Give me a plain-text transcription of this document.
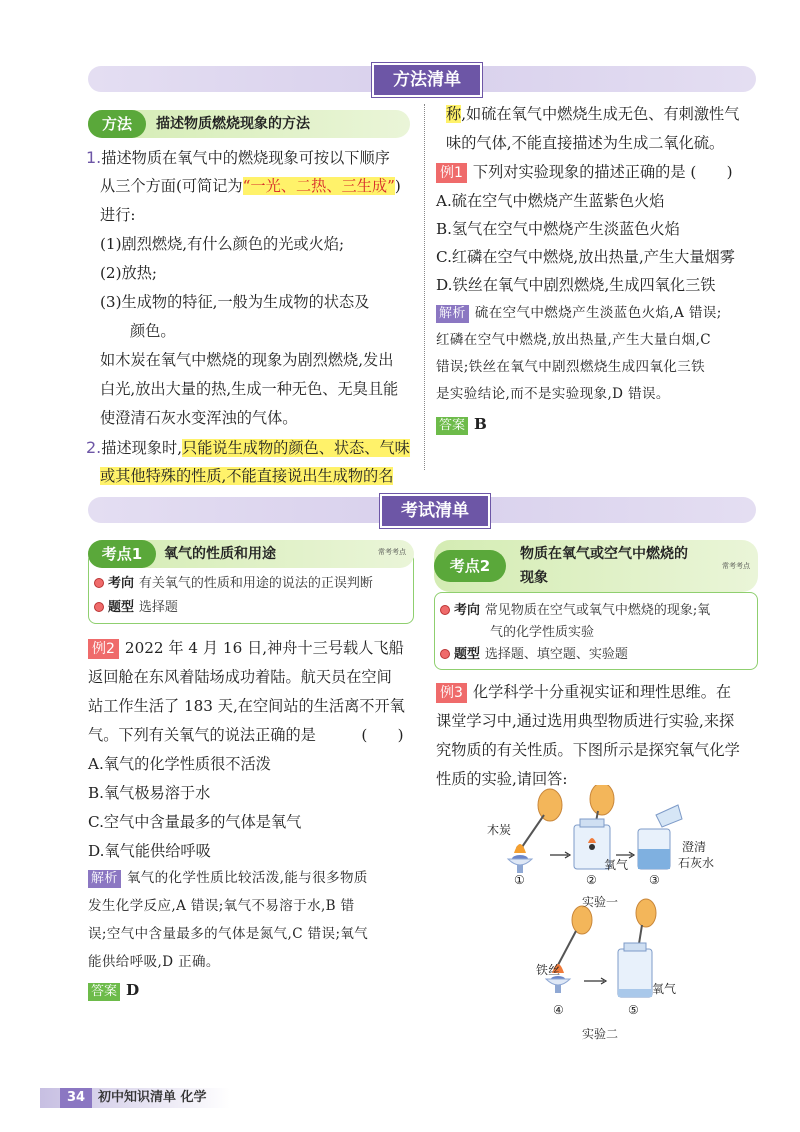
方法清单
方法	描述物质燃烧现象的方法
1.描述物质在氧气中的燃烧现象可按以下顺序
从三个方面(可简记为“一光、二热、三生成”)
进行:
(1)剧烈燃烧,有什么颜色的光或火焰;
(2)放热;
(3)生成物的特征,一般为生成物的状态及
颜色。
如木炭在氧气中燃烧的现象为剧烈燃烧,发出
白光,放出大量的热,生成一种无色、无臭且能
使澄清石灰水变浑浊的气体。
2.描述现象时,只能说生成物的颜色、状态、气味
或其他特殊的性质,不能直接说出生成物的名
称,如硫在氧气中燃烧生成无色、有刺激性气
味的气体,不能直接描述为生成二氧化硫。
例1 下列对实验现象的描述正确的是 (　　)
A.硫在空气中燃烧产生蓝紫色火焰
B.氢气在空气中燃烧产生淡蓝色火焰
C.红磷在空气中燃烧,放出热量,产生大量烟雾
D.铁丝在氧气中剧烈燃烧,生成四氧化三铁
解析 硫在空气中燃烧产生淡蓝色火焰,A 错误;
红磷在空气中燃烧,放出热量,产生大量白烟,C
错误;铁丝在氧气中剧烈燃烧生成四氧化三铁
是实验结论,而不是实验现象,D 错误。
答案 B
考试清单
考点1	氧气的性质和用途	常考考点
考向 有关氧气的性质和用途的说法的正误判断
题型 选择题
考点2
物质在氧气或空气中燃烧的
现象
常考考点
考向 常见物质在空气或氧气中燃烧的现象;氧
气的化学性质实验
题型 选择题、填空题、实验题
例2 2022 年 4 月 16 日,神舟十三号载人飞船
返回舱在东风着陆场成功着陆。航天员在空间
站工作生活了 183 天,在空间站的生活离不开氧
气。下列有关氧气的说法正确的是　　　(　　)
A.氧气的化学性质很不活泼
B.氧气极易溶于水
C.空气中含量最多的气体是氧气
D.氧气能供给呼吸
解析 氧气的化学性质比较活泼,能与很多物质
发生化学反应,A 错误;氧气不易溶于水,B 错
误;空气中含量最多的气体是氮气,C 错误;氧气
能供给呼吸,D 正确。
答案 D
例3 化学科学十分重视实证和理性思维。在
课堂学习中,通过选用典型物质进行实验,来探
究物质的有关性质。下图所示是探究氧气化学
性质的实验,请回答:
木炭
氧气
澄清
石灰水
①	②	③
实验一
铁丝
氧气
④	⑤
实验二
34 初中知识清单 化学
